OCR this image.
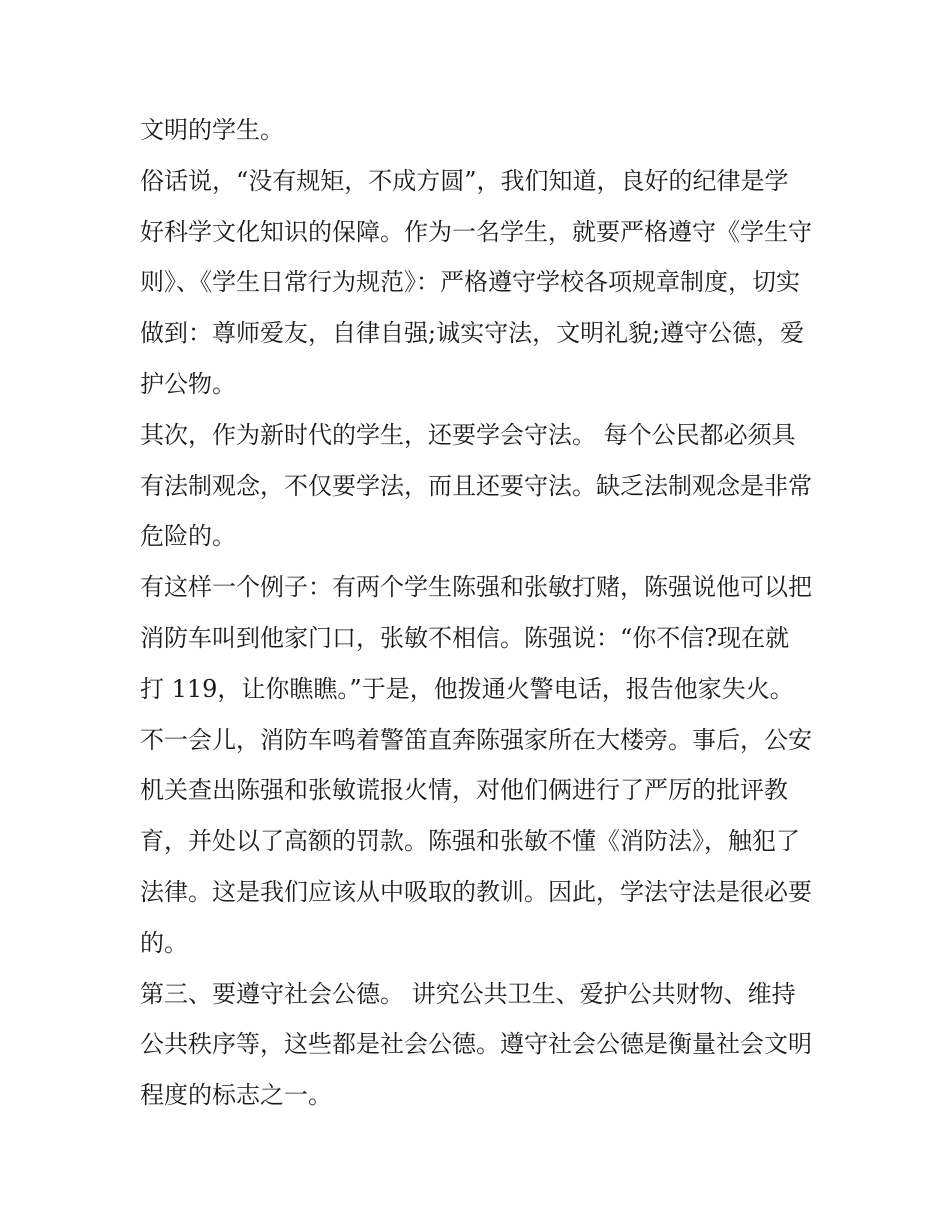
文明的学生。

俗话说，“没有规矩，不成方圆”，我们知道，良好的纪律是学好科学文化知识的保障。作为一名学生，就要严格遵守《学生守则》、《学生日常行为规范》：严格遵守学校各项规章制度，切实做到：尊师爱友，自律自强;诚实守法，文明礼貌;遵守公德，爱护公物。

其次，作为新时代的学生，还要学会守法。 每个公民都必须具有法制观念，不仅要学法，而且还要守法。缺乏法制观念是非常危险的。

有这样一个例子：有两个学生陈强和张敏打赌，陈强说他可以把消防车叫到他家门口，张敏不相信。陈强说：“你不信?现在就打 119，让你瞧瞧。”于是，他拨通火警电话，报告他家失火。不一会儿，消防车鸣着警笛直奔陈强家所在大楼旁。事后，公安机关查出陈强和张敏谎报火情，对他们俩进行了严厉的批评教育，并处以了高额的罚款。陈强和张敏不懂《消防法》，触犯了法律。这是我们应该从中吸取的教训。因此，学法守法是很必要的。

第三、要遵守社会公德。 讲究公共卫生、爱护公共财物、维持公共秩序等，这些都是社会公德。遵守社会公德是衡量社会文明程度的标志之一。
